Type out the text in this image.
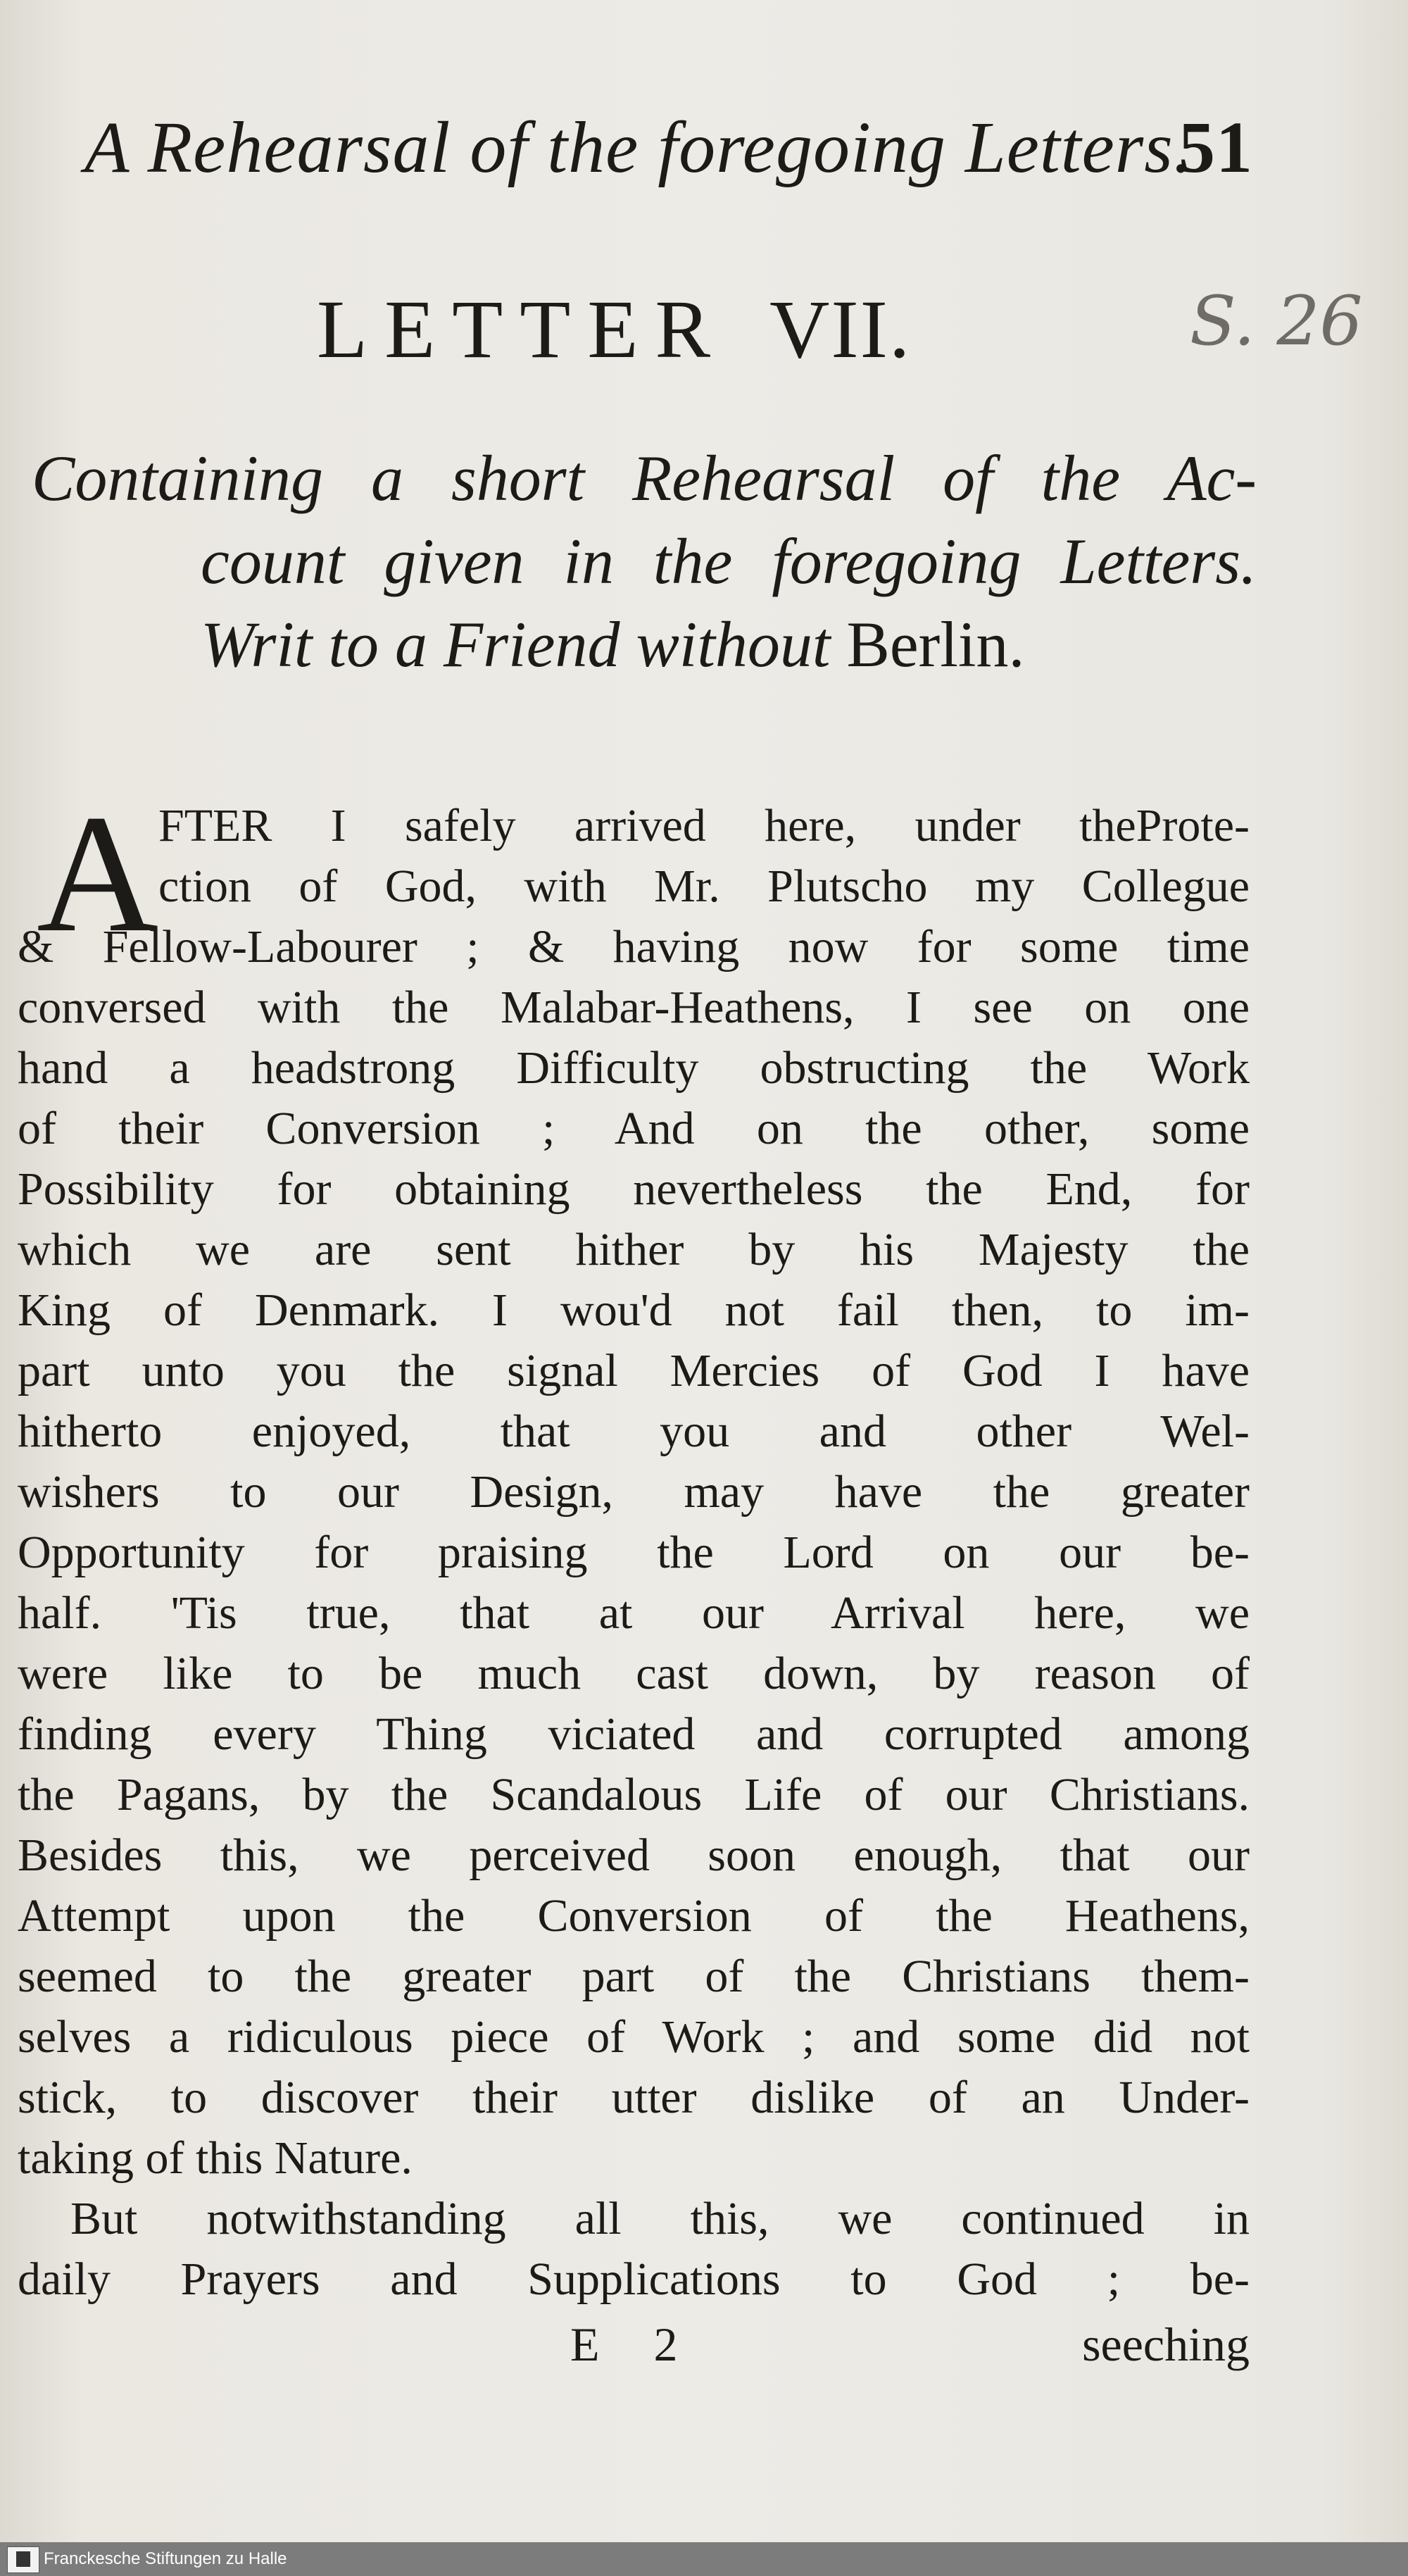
A Rehearsal of the foregoing Letters.
51
S. 26
LETTER VII.
Containing a short Rehearsal of the Ac-
count given in the foregoing Letters.
Writ to a Friend without Berlin.
A FTER I safely arrived here, under theProte-
ction of God, with Mr. Plutscho my Collegue
& Fellow-Labourer ; & having now for some time
conversed with the Malabar-Heathens, I see on one
hand a headstrong Difficulty obstructing the Work
of their Conversion ; And on the other, some
Possibility for obtaining nevertheless the End, for
which we are sent hither by his Majesty the
King of Denmark. I wou'd not fail then, to im-
part unto you the signal Mercies of God I have
hitherto enjoyed, that you and other Wel-
wishers to our Design, may have the greater
Opportunity for praising the Lord on our be-
half. 'Tis true, that at our Arrival here, we
were like to be much cast down, by reason of
finding every Thing viciated and corrupted among
the Pagans, by the Scandalous Life of our Christians.
Besides this, we perceived soon enough, that our
Attempt upon the Conversion of the Heathens,
seemed to the greater part of the Christians them-
selves a ridiculous piece of Work ; and some did not
stick, to discover their utter dislike of an Under-
taking of this Nature.
But notwithstanding all this, we continued in
daily Prayers and Supplications to God ; be-
E 2	seeching
Franckesche Stiftungen zu Halle
